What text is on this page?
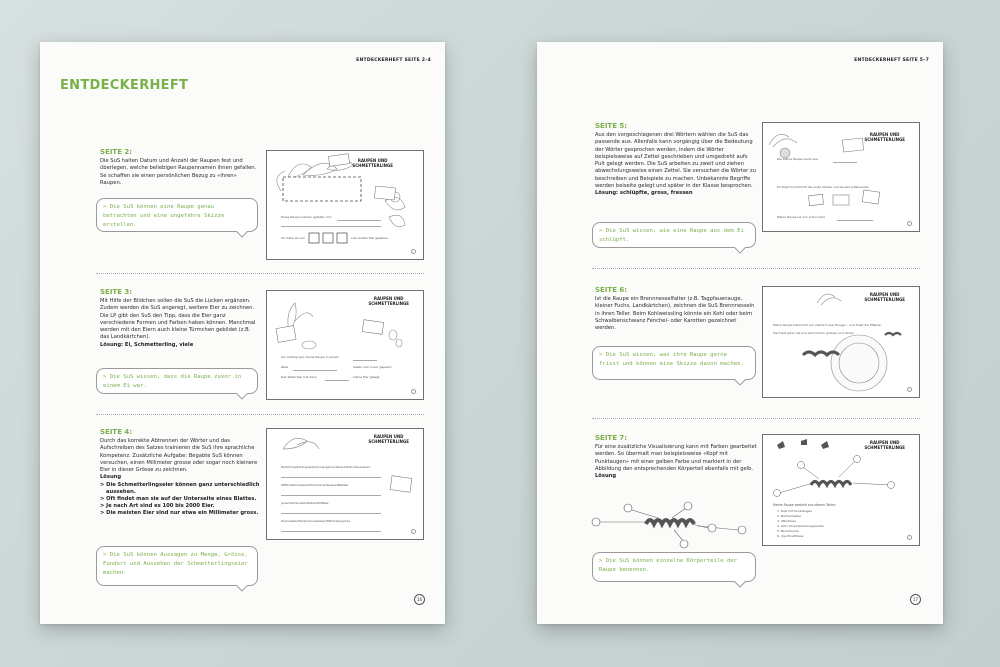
ENTDECKERHEFT SEITE 2–4
ENTDECKERHEFT
SEITE 2:
Die SuS halten Datum und Anzahl der Raupen fest und überlegen, welche beliebigen Raupennamen ihnen gefallen. Se schaffen sie einen persönlichen Bezug zu «ihren» Raupen.
> Die SuS können eine Raupe genau betrachten und eine ungefähre Skizze erstellen.
RAUPEN UND
SCHMETTERLINGE
Diese Raupennamen gefallen mir:
Ich habe sie am	zum ersten Mal gesehen.
SEITE 3:
Mit Hilfe der Bildchen sollen die SuS die Lücken ergänzen. Zudem werden die SuS angeregt, weitere Eier zu zeichnen. Die LP gibt den SuS den Tipp, dass die Eier ganz verschiedene Formen und Farben haben können. Manchmal werden mit den Eiern auch kleine Türmchen gebildet (z.B. das Landkärtchen).
Lösung: Ei, Schmetterling, viele
> Die SuS wissen, dass die Raupe zuvor in einem Ei war.
RAUPEN UND
SCHMETTERLINGE
Am Anfang war meine Raupe in einem
Zwei	haben sich zuvor gepaart.
Das Weibchen hat dann	kleine Eier gelegt.
SEITE 4:
Durch das korrekte Abtrennen der Wörter und das Aufschreiben des Satzes trainieren die SuS ihre sprachliche Kompetenz. Zusätzliche Aufgabe: Begabte SuS können versuchen, einen Millimeter grosse oder sogar noch kleinere Eier in dieser Grösse zu zeichnen.
Lösung
> Die Schmetterlingseier können ganz unterschiedlich aussehen.
> Oft findet man sie auf der Unterseite eines Blattes.
> Je nach Art sind es 100 bis 2000 Eier.
> Die meisten Eier sind nur etwa ein Millimeter gross.
> Die SuS können Aussagen zu Menge, Grösse, Fundort und Aussehen der Schmetterlingseier machen.
RAUPEN UND
SCHMETTERLINGE
DieSchmetterlingseierkönnenganzunterschiedlichaussehen.
OftfindetmanseaufderUnterseiteeinesBlattes.
JenachArtsindes100bis2000Eier.
DiemeistenEiersindnuretwaeinMillimetergross.
16
ENTDECKERHEFT SEITE 5–7
SEITE 5:
Aus den vorgeschlagenen drei Wörtern wählen die SuS das passende aus. Allenfalls kann vorgängig über die Bedeutung der Wörter gesprochen werden, indem die Wörter beispielsweise auf Zettel geschrieben und umgedreht aufs Pult gelegt werden. Die SuS arbeiten zu zweit und ziehen abwechslungsweise einen Zettel. Sie versuchen die Wörter zu beschreiben und Beispiele zu machen. Unbekannte Begriffe werden beiseite gelegt und später in der Klasse besprochen.
Lösung: schlüpfte, gross, fressen
> Die SuS wissen, wie eine Raupe aus dem Ei schlüpft.
RAUPEN UND
SCHMETTERLINGE
Die kleine Raupe kaum aus
Ihr Kopf durchbricht die erste Schale und sie isst aufeinander
Meine Raupe ist nun schon sehr
SEITE 6:
Ist die Raupe ein Brennnesselfalter (z.B. Tagpfauenauge, kleiner Fuchs, Landkärtchen), zeichnen die SuS Brennnesseln in ihren Teller. Beim Kohlweissling könnte ein Kohl oder beim Schwalbenschwanz Fenchel- oder Karotten gezeichnet werden.
> Die SuS wissen, was ihre Raupe gerne frisst und können eine Skizze davon machen.
RAUPEN UND
SCHMETTERLINGE
Meine Raupe bekommt nun ziemlich viel Hunger – und frisst die Pflanze
Sie frisst ganz viel und wird immer grösser und dicker.
SEITE 7:
Für eine zusätzliche Visualisierung kann mit Farben gearbeitet werden. So übermalt man beispielsweise «Kopf mit Punktaugen» mit einer gelben Farbe und markiert in der Abbildung den entsprechenden Körperteil ebenfalls mit gelb.
Lösung
> Die SuS können einzelne Körperteile der Raupe benennen.
RAUPEN UND
SCHMETTERLINGE
Meine Raupe besteht aus diesen Teilen:
1. Kopf mit Punktaugen
2. Nachschieber
3. Afterfüsse
4. zehn Körperkörpersegmente
5. Bauchbeine
6. drei Brustfüsse
17
